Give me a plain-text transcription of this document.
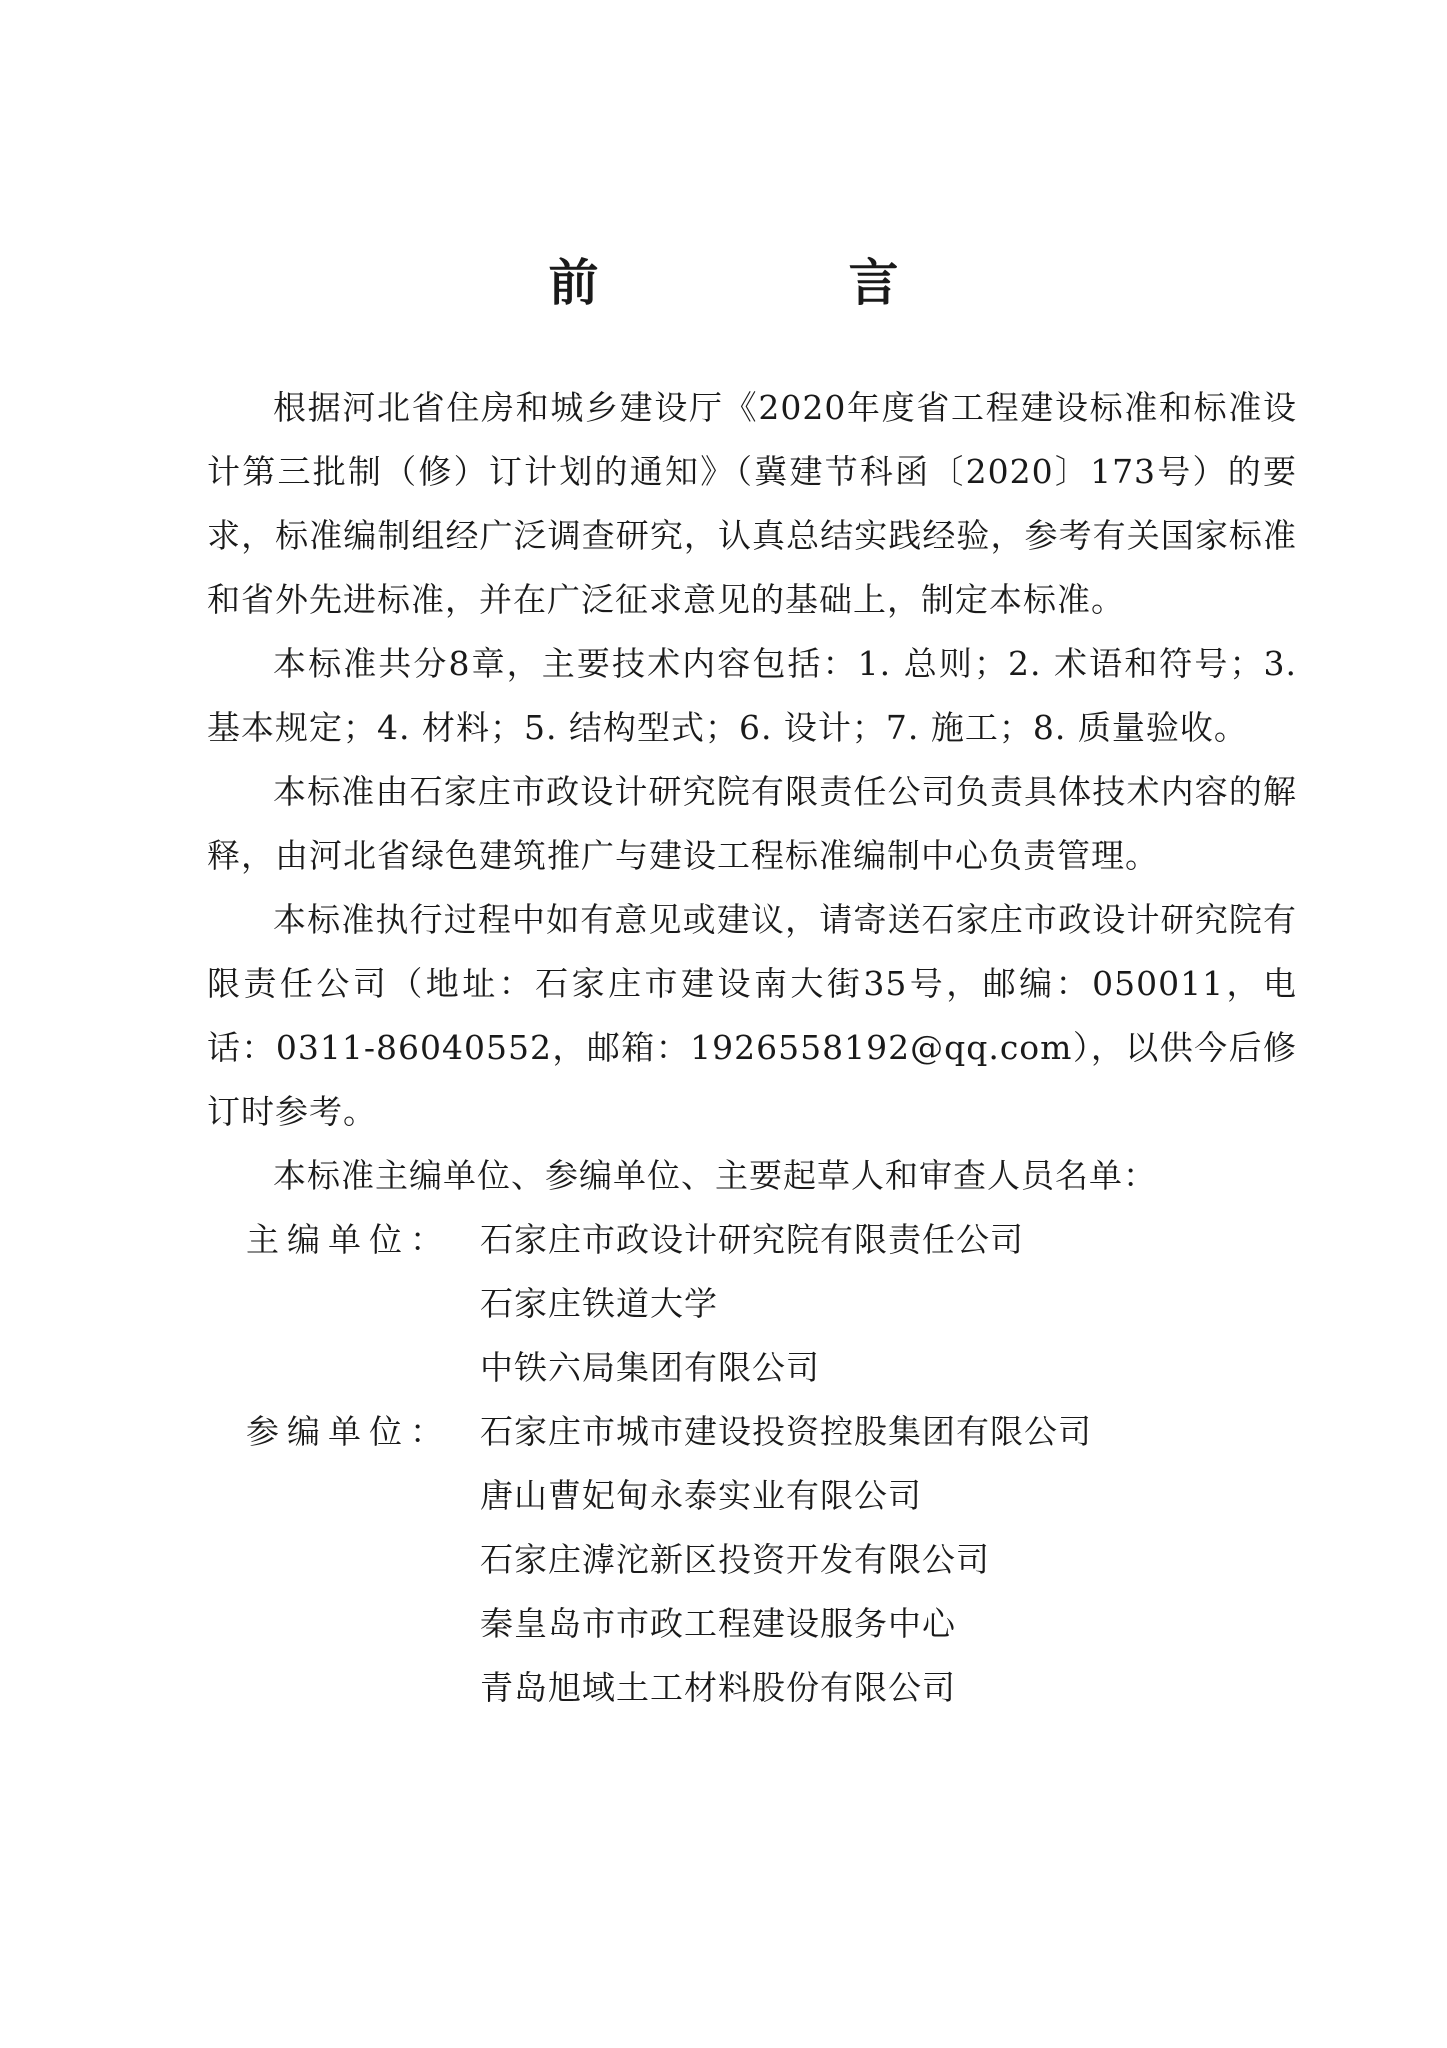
前　言

根据河北省住房和城乡建设厅《2020年度省工程建设标准和标准设计第三批制（修）订计划的通知》（冀建节科函〔2020〕173号）的要求，标准编制组经广泛调查研究，认真总结实践经验，参考有关国家标准和省外先进标准，并在广泛征求意见的基础上，制定本标准。

本标准共分8章，主要技术内容包括：1. 总则；2. 术语和符号；3. 基本规定；4. 材料；5. 结构型式；6. 设计；7. 施工；8. 质量验收。

本标准由石家庄市政设计研究院有限责任公司负责具体技术内容的解释，由河北省绿色建筑推广与建设工程标准编制中心负责管理。

本标准执行过程中如有意见或建议，请寄送石家庄市政设计研究院有限责任公司（地址：石家庄市建设南大街35号，邮编：050011，电话：0311-86040552，邮箱：1926558192@qq.com），以供今后修订时参考。

本标准主编单位、参编单位、主要起草人和审查人员名单：

主编单位： 石家庄市政设计研究院有限责任公司
石家庄铁道大学
中铁六局集团有限公司
参编单位： 石家庄市城市建设投资控股集团有限公司
唐山曹妃甸永泰实业有限公司
石家庄滹沱新区投资开发有限公司
秦皇岛市市政工程建设服务中心
青岛旭域土工材料股份有限公司
